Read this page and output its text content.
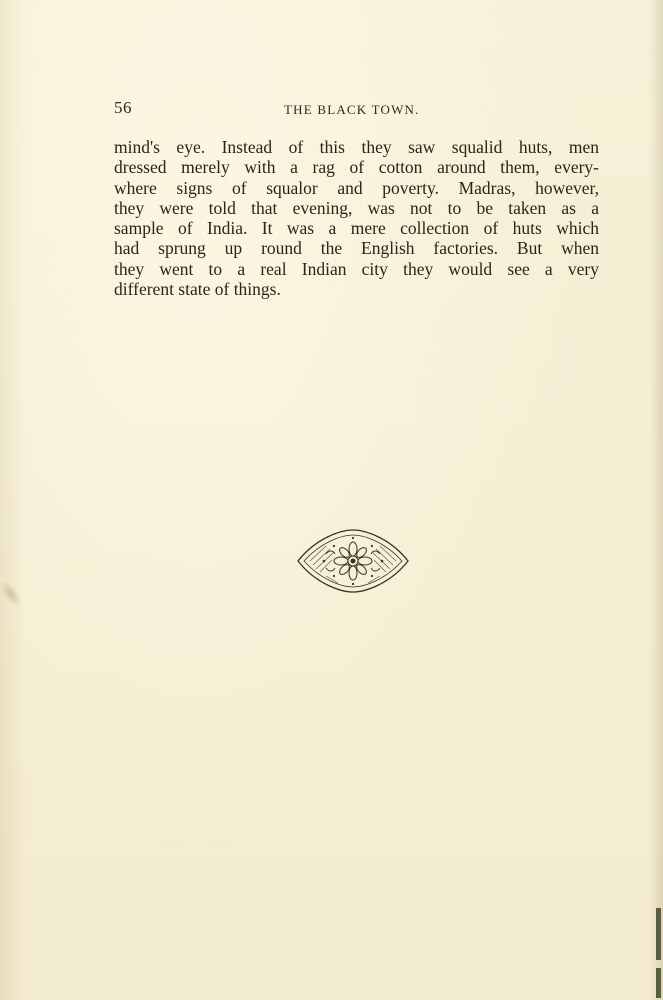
56	THE BLACK TOWN.
mind's eye. Instead of this they saw squalid huts, men
dressed merely with a rag of cotton around them, every-
where signs of squalor and poverty. Madras, however,
they were told that evening, was not to be taken as a
sample of India. It was a mere collection of huts which
had sprung up round the English factories. But when
they went to a real Indian city they would see a very
different state of things.
